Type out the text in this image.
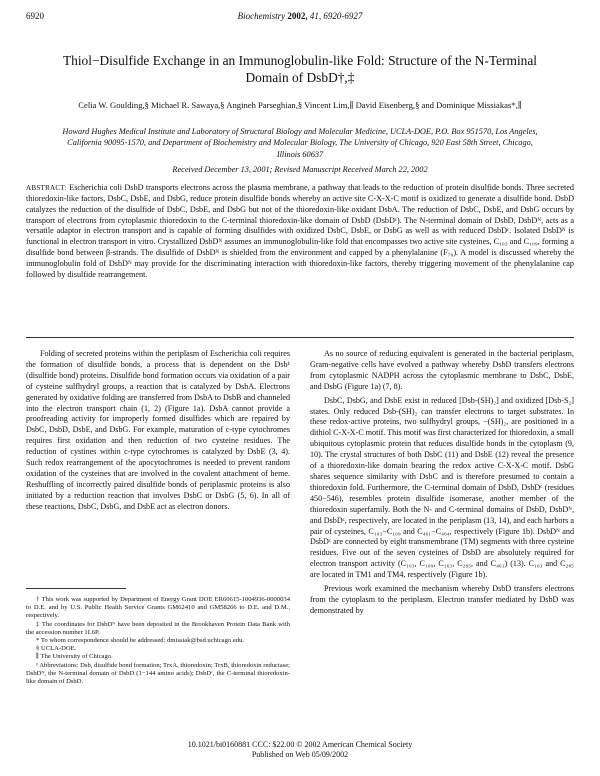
6920	Biochemistry 2002, 41, 6920-6927
Thiol−Disulfide Exchange in an Immunoglobulin-like Fold: Structure of the N-Terminal Domain of DsbD†,‡
Celia W. Goulding,§ Michael R. Sawaya,§ Angineh Parseghian,§ Vincent Lim,∥ David Eisenberg,§ and Dominique Missiakas*,∥
Howard Hughes Medical Institute and Laboratory of Structural Biology and Molecular Medicine, UCLA-DOE, P.O. Box 951570, Los Angeles, California 90095-1570, and Department of Biochemistry and Molecular Biology, The University of Chicago, 920 East 58th Street, Chicago, Illinois 60637
Received December 13, 2001; Revised Manuscript Received March 22, 2002
ABSTRACT: Escherichia coli DsbD transports electrons across the plasma membrane, a pathway that leads to the reduction of protein disulfide bonds. Three secreted thioredoxin-like factors, DsbC, DsbE, and DsbG, reduce protein disulfide bonds whereby an active site C-X-X-C motif is oxidized to generate a disulfide bond. DsbD catalyzes the reduction of the disulfide of DsbC, DsbE, and DsbG but not of the thioredoxin-like oxidant DsbA. The reduction of DsbC, DsbE, and DsbG occurs by transport of electrons from cytoplasmic thioredoxin to the C-terminal thioredoxin-like domain of DsbD (DsbDᶜ). The N-terminal domain of DsbD, DsbDᴺ, acts as a versatile adaptor in electron transport and is capable of forming disulfides with oxidized DsbC, DsbE, or DsbG as well as with reduced DsbDᶜ. Isolated DsbDᴺ is functional in electron transport in vitro. Crystallized DsbDᴺ assumes an immunoglobulin-like fold that encompasses two active site cysteines, C₁₀₃ and C₁₀₉, forming a disulfide bond between β-strands. The disulfide of DsbDᴺ is shielded from the environment and capped by a phenylalanine (F₇₀). A model is discussed whereby the immunoglobulin fold of DsbDᴺ may provide for the discriminating interaction with thioredoxin-like factors, thereby triggering movement of the phenylalanine cap followed by disulfide rearrangement.

Folding of secreted proteins within the periplasm of Escherichia coli requires the formation of disulfide bonds, a process that is dependent on the Dsb¹ (disulfide bond) proteins. Disulfide bond formation occurs via oxidation of a pair of cysteine sulfhydryl groups, a reaction that is catalyzed by DsbA. Electrons generated by oxidative folding are transferred from DsbA to DsbB and channeled into the electron transport chain (1, 2) (Figure 1a). DsbA cannot provide a proofreading activity for improperly formed disulfides which are repaired by DsbC, DsbD, DsbE, and DsbG. For example, maturation of c-type cytochromes requires first oxidation and then reduction of two cysteine residues. The reduction of cystines within c-type cytochromes is catalyzed by DsbE (3, 4). Such redox rearrangement of the apocytochromes is needed to prevent random oxidation of the cysteines that are involved in the covalent attachment of heme. Reshuffling of incorrectly paired disulfide bonds of periplasmic proteins is also initiated by a reduction reaction that involves DsbC or DsbG (5, 6). In all of these reactions, DsbC, DsbG, and DsbE act as electron donors.

As no source of reducing equivalent is generated in the bacterial periplasm, Gram-negative cells have evolved a pathway whereby DsbD transfers electrons from cytoplasmic NADPH across the cytoplasmic membrane to DsbC, DsbE, and DsbG (Figure 1a) (7, 8).

DsbC, DsbG, and DsbE exist in reduced [Dsb-(SH)₂] and oxidized [Dsb-S₂] states. Only reduced Dsb-(SH)₂ can transfer electrons to target substrates. In these redox-active proteins, two sulfhydryl groups, −(SH)₂, are positioned in a dithiol C-X-X-C motif. This motif was first characterized for thioredoxin, a small ubiquitous cytoplasmic protein that reduces disulfide bonds in the cytoplasm (9, 10). The crystal structures of both DsbC (11) and DsbE (12) reveal the presence of a thioredoxin-like domain bearing the redox active C-X-X-C motif. DsbG shares sequence similarity with DsbC and is therefore presumed to contain a thioredoxin fold. Furthermore, the C-terminal domain of DsbD, DsbDᶜ (residues 450−546), resembles protein disulfide isomerase, another member of the thioredoxin superfamily. Both the N- and C-terminal domains of DsbD, DsbDᴺ, and DsbDᶜ, respectively, are located in the periplasm (13, 14), and each harbors a pair of cysteines, C₁₀₃−C₁₀₉ and C₄₆₁−C₄₆₄, respectively (Figure 1b). DsbDᴺ and DsbDᶜ are connected by eight transmembrane (TM) segments with three cysteine residues. Five out of the seven cysteines of DsbD are absolutely required for electron transport activity (C₁₀₃, C₁₀₉, C₁₆₃, C₂₈₅, and C₄₆₁) (13). C₁₆₃ and C₂₈₅ are located in TM1 and TM4, respectively (Figure 1b).

Previous work examined the mechanism whereby DsbD transfers electrons from the cytoplasm to the periplasm. Electron transfer mediated by DsbD was demonstrated by

† This work was supported by Department of Energy Grant DOE ER60615-1004936-0000034 to D.E. and by U.S. Public Health Service Grants GM62410 and GM58266 to D.E. and D.M., respectively.
‡ The coordinates for DsbDᴺ have been deposited in the Brookhaven Protein Data Bank with the accession number 1L6P.
* To whom correspondence should be addressed: dmissiak@bsd.uchicago.edu.
§ UCLA-DOE.
∥ The University of Chicago.
¹ Abbreviations: Dsb, disulfide bond formation; TrxA, thioredoxin; TrxB, thioredoxin reductase; DsbDᴺ, the N-terminal domain of DsbD (1−144 amino acids); DsbDᶜ, the C-terminal thioredoxin-like domain of DsbD.
10.1021/bi0160881 CCC: $22.00 © 2002 American Chemical Society
Published on Web 05/09/2002
